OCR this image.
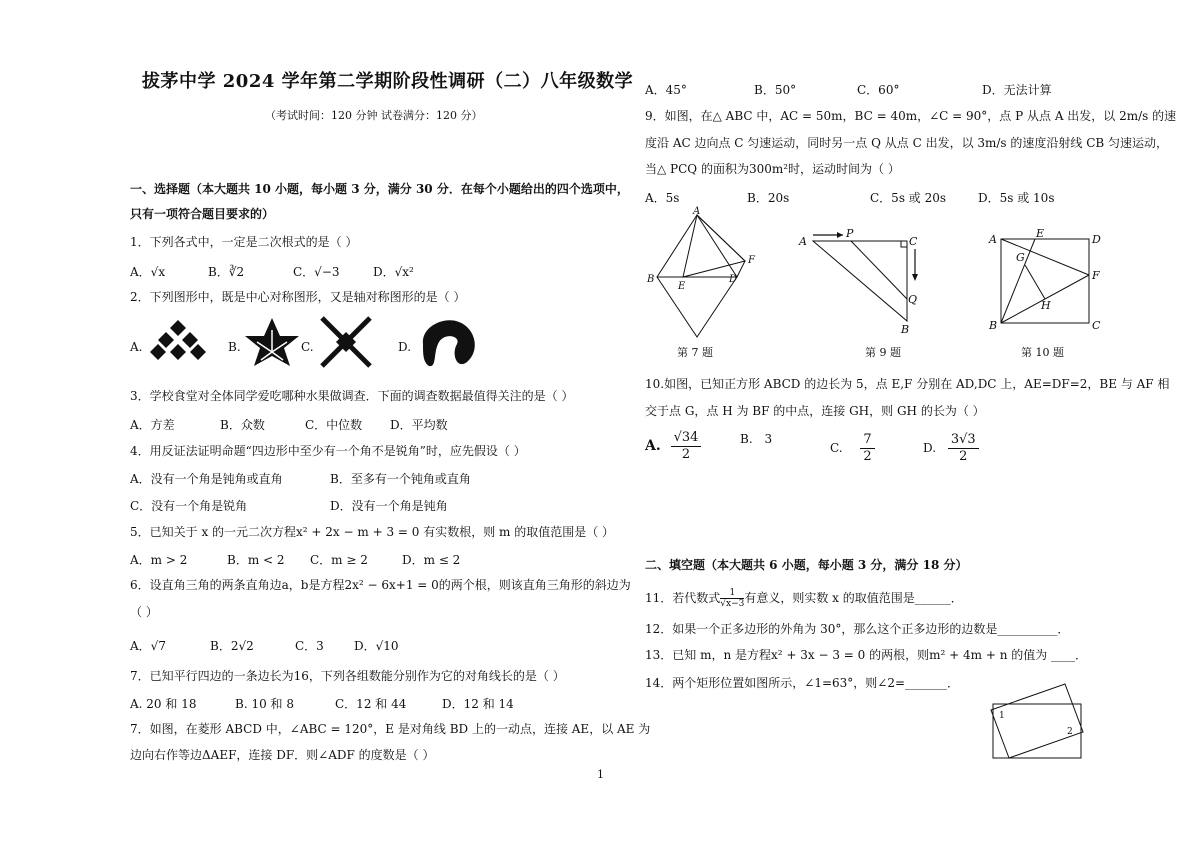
拔茅中学 2024 学年第二学期阶段性调研（二）八年级数学
（考试时间：120 分钟 试卷满分：120 分）
一、选择题（本大题共 10 小题，每小题 3 分，满分 30 分．在每个小题给出的四个选项中，
只有一项符合题目要求的）
1．下列各式中，一定是二次根式的是（ ）
A．√x	B．∛2	C．√−3	D．√x²
2．下列图形中，既是中心对称图形，又是轴对称图形的是（ ）
A.	B.	C.	D.
3．学校食堂对全体同学爱吃哪种水果做调查．下面的调查数据最值得关注的是（ ）
A．方差	B．众数	C．中位数 D．平均数
4．用反证法证明命题“四边形中至少有一个角不是锐角”时，应先假设（ ）
A．没有一个角是钝角或直角	B．至多有一个钝角或直角
C．没有一个角是锐角	D．没有一个角是钝角
5．已知关于 x 的一元二次方程x² + 2x − m + 3 = 0 有实数根，则 m 的取值范围是（ ）
A．m > 2	B．m < 2 C．m ≥ 2	D．m ≤ 2
6．设直角三角的两条直角边a，b是方程2x² − 6x+1 = 0的两个根，则该直角三角形的斜边为
（ ）
A．√7	B．2√2	C．3	D．√10
7．已知平行四边的一条边长为16，下列各组数能分别作为它的对角线长的是（ ）
A. 20 和 18	B. 10 和 8	C．12 和 44	D．12 和 14
7．如图，在菱形 ABCD 中，∠ABC = 120°，E 是对角线 BD 上的一动点，连接 AE，以 AE 为
边向右作等边ΔAEF，连接 DF．则∠ADF 的度数是（ ）
A．45°	B．50°	C．60°	D．无法计算
9．如图，在△ ABC 中，AC = 50m，BC = 40m，∠C = 90°，点 P 从点 A 出发，以 2m/s 的速
度沿 AC 边向点 C 匀速运动，同时另一点 Q 从点 C 出发，以 3m/s 的速度沿射线 CB 匀速运动，
当△ PCQ 的面积为300m²时，运动时间为（ ）
A．5s	B．20s	C．5s 或 20s	D．5s 或 10s
A
B
E
D
F
第 7 题
A
P
C
Q
B
第 9 题
A	E	D
G
F
H
B	C
第 10 题
10.如图，已知正方形 ABCD 的边长为 5，点 E,F 分别在 AD,DC 上，AE=DF=2，BE 与 AF 相
交于点 G，点 H 为 BF 的中点，连接 GH，则 GH 的长为（ ）
A. $\frac{√34}{2}$	B. 3
C. $\frac{7}{2}$	D. $\frac{3√3}{2}$
二、填空题（本大题共 6 小题，每小题 3 分，满分 18 分）
11．若代数式 $\frac{1}{√x-3}$ 有意义，则实数 x 的取值范围是______．
12．如果一个正多边形的外角为 30°，那么这个正多边形的边数是__________．
13．已知 m，n 是方程x² + 3x − 3 = 0 的两根，则m² + 4m + n 的值为 ____．
14．两个矩形位置如图所示，∠1=63°，则∠2=_______．
1
2
1
